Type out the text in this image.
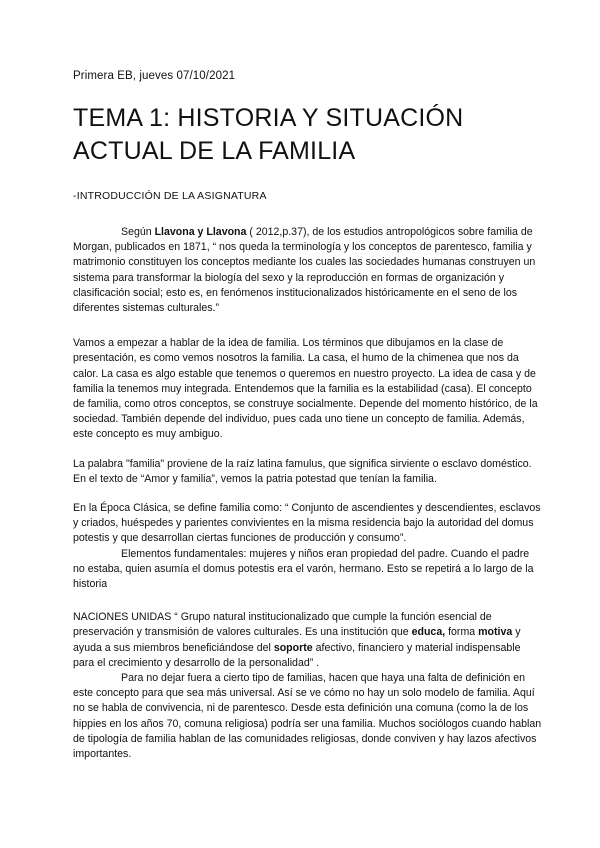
Primera EB, jueves 07/10/2021
TEMA 1: HISTORIA Y SITUACIÓN
ACTUAL DE LA FAMILIA
-INTRODUCCIÓN DE LA ASIGNATURA

Según Llavona y Llavona ( 2012,p.37), de los estudios antropológicos sobre familia de Morgan, publicados en 1871, “ nos queda la terminología y los conceptos de parentesco, familia y matrimonio constituyen los conceptos mediante los cuales las sociedades humanas construyen un sistema para transformar la biología del sexo y la reproducción en formas de organización y clasificación social; esto es, en fenómenos institucionalizados históricamente en el seno de los diferentes sistemas culturales.”

Vamos a empezar a hablar de la idea de familia. Los términos que dibujamos en la clase de presentación, es como vemos nosotros la familia. La casa, el humo de la chimenea que nos da calor. La casa es algo estable que tenemos o queremos en nuestro proyecto. La idea de casa y de familia la tenemos muy integrada. Entendemos que la familia es la estabilidad (casa). El concepto de familia, como otros conceptos, se construye socialmente. Depende del momento histórico, de la sociedad. También depende del individuo, pues cada uno tiene un concepto de familia. Además, este concepto es muy ambiguo.

La palabra "familia" proviene de la raíz latina famulus, que significa sirviente o esclavo doméstico. En el texto de “Amor y familia”, vemos la patria potestad que tenían la familia.

En la Época Clásica, se define familia como: “ Conjunto de ascendientes y descendientes, esclavos y criados, huéspedes y parientes convivientes en la misma residencia bajo la autoridad del domus potestis y que desarrollan ciertas funciones de producción y consumo”.

Elementos fundamentales: mujeres y niños eran propiedad del padre. Cuando el padre no estaba, quien asumía el domus potestis era el varón, hermano. Esto se repetirá a lo largo de la historia

NACIONES UNIDAS “ Grupo natural institucionalizado que cumple la función esencial de preservación y transmisión de valores culturales. Es una institución que educa, forma motiva y ayuda a sus miembros beneficiándose del soporte afectivo, financiero y material indispensable para el crecimiento y desarrollo de la personalidad” .

Para no dejar fuera a cierto tipo de familias, hacen que haya una falta de definición en este concepto para que sea más universal. Así se ve cómo no hay un solo modelo de familia. Aquí no se habla de convivencia, ni de parentesco. Desde esta definición una comuna (como la de los hippies en los años 70, comuna religiosa) podría ser una familia. Muchos sociólogos cuando hablan de tipología de familia hablan de las comunidades religiosas, donde conviven y hay lazos afectivos importantes.
